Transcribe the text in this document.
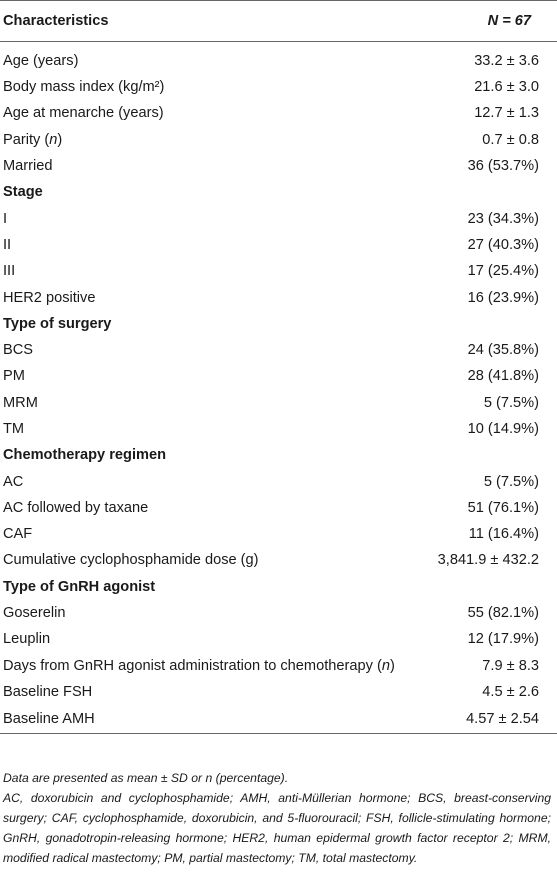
Characteristics	N = 67
Age (years)	33.2 ± 3.6
Body mass index (kg/m²)	21.6 ± 3.0
Age at menarche (years)	12.7 ± 1.3
Parity (n)	0.7 ± 0.8
Married	36 (53.7%)
Stage	
I	23 (34.3%)
II	27 (40.3%)
III	17 (25.4%)
HER2 positive	16 (23.9%)
Type of surgery	
BCS	24 (35.8%)
PM	28 (41.8%)
MRM	5 (7.5%)
TM	10 (14.9%)
Chemotherapy regimen	
AC	5 (7.5%)
AC followed by taxane	51 (76.1%)
CAF	11 (16.4%)
Cumulative cyclophosphamide dose (g)	3,841.9 ± 432.2
Type of GnRH agonist	
Goserelin	55 (82.1%)
Leuplin	12 (17.9%)
Days from GnRH agonist administration to chemotherapy (n)	7.9 ± 8.3
Baseline FSH	4.5 ± 2.6
Baseline AMH	4.57 ± 2.54

Data are presented as mean ± SD or n (percentage).

AC, doxorubicin and cyclophosphamide; AMH, anti-Müllerian hormone; BCS, breast-conserving surgery; CAF, cyclophosphamide, doxorubicin, and 5-fluorouracil; FSH, follicle-stimulating hormone; GnRH, gonadotropin-releasing hormone; HER2, human epidermal growth factor receptor 2; MRM, modified radical mastectomy; PM, partial mastectomy; TM, total mastectomy.
